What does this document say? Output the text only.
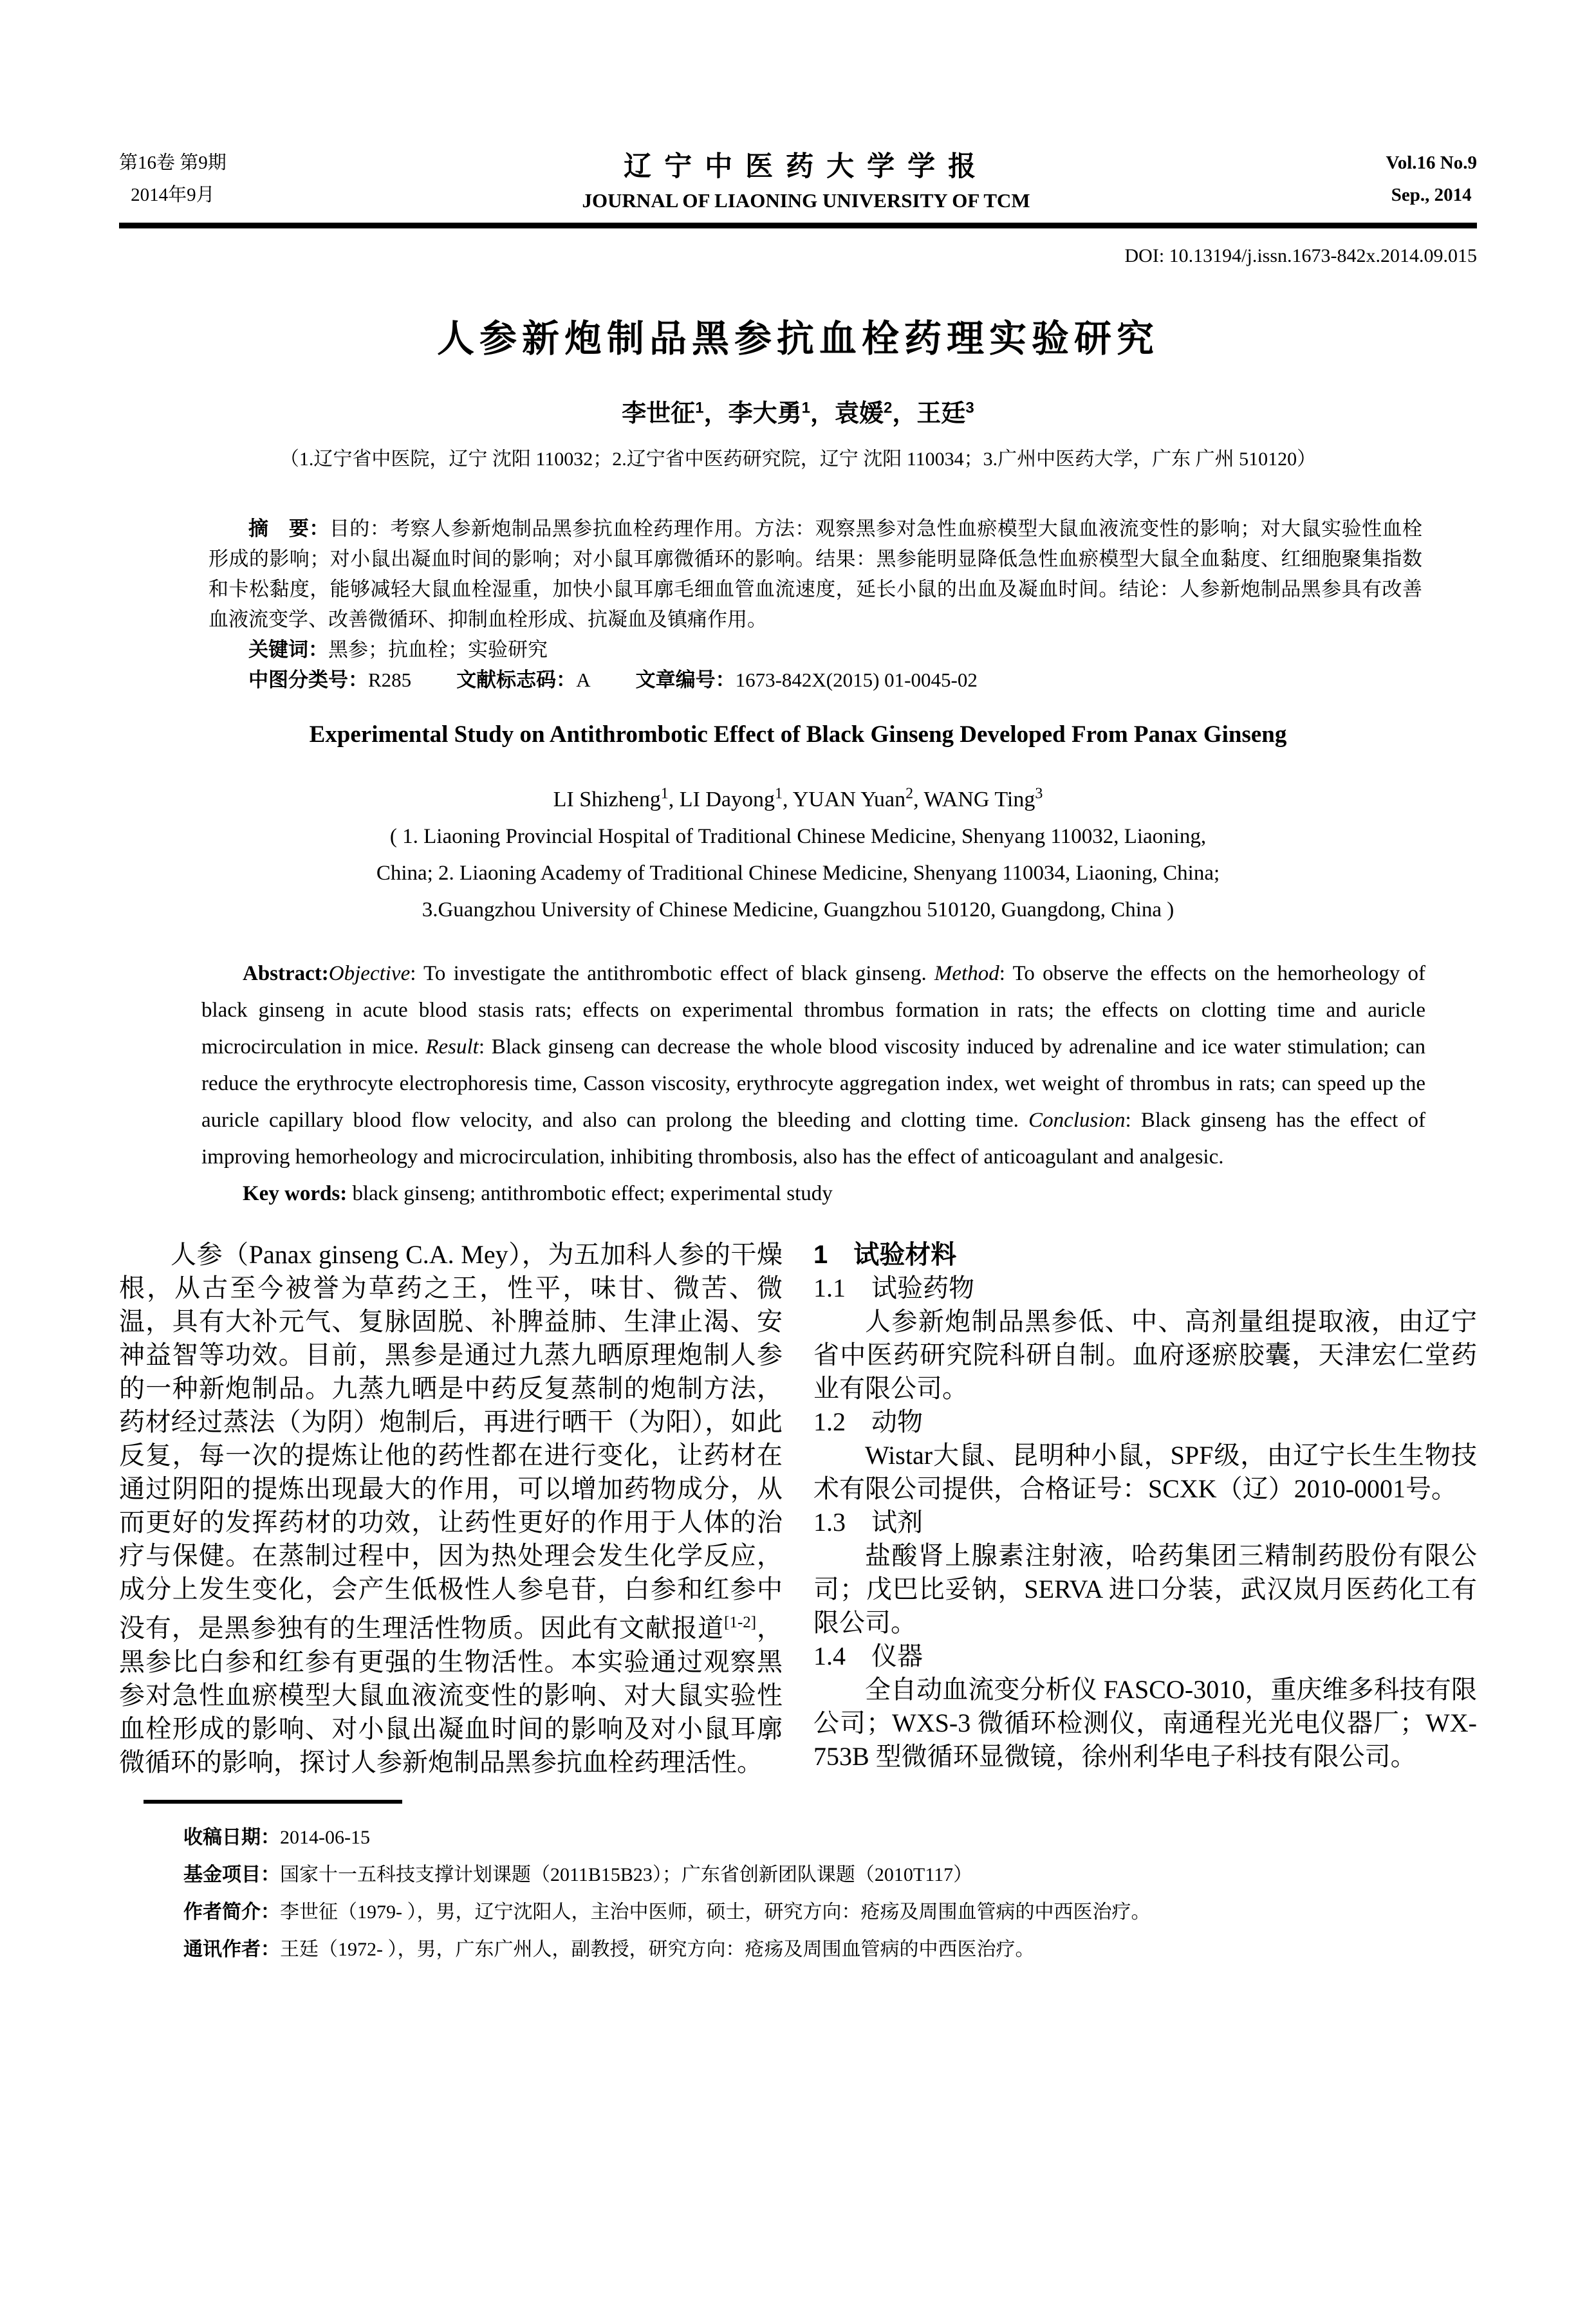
第16卷 第9期
2014年9月
辽宁中医药大学学报
JOURNAL OF LIAONING UNIVERSITY OF TCM
Vol.16 No.9
Sep., 2014
DOI: 10.13194/j.issn.1673-842x.2014.09.015
人参新炮制品黑参抗血栓药理实验研究
李世征$^1$，李大勇$^1$，袁媛$^2$，王廷$^3$
（1.辽宁省中医院，辽宁 沈阳 110032；2.辽宁省中医药研究院，辽宁 沈阳 110034；3.广州中医药大学，广东 广州 510120）

摘　要：目的：考察人参新炮制品黑参抗血栓药理作用。方法：观察黑参对急性血瘀模型大鼠血液流变性的影响；对大鼠实验性血栓形成的影响；对小鼠出凝血时间的影响；对小鼠耳廓微循环的影响。结果：黑参能明显降低急性血瘀模型大鼠全血黏度、红细胞聚集指数和卡松黏度，能够减轻大鼠血栓湿重，加快小鼠耳廓毛细血管血流速度，延长小鼠的出血及凝血时间。结论：人参新炮制品黑参具有改善血液流变学、改善微循环、抑制血栓形成、抗凝血及镇痛作用。

关键词：黑参；抗血栓；实验研究

中图分类号：R285 文献标志码：A 文章编号：1673-842X(2015) 01-0045-02

Experimental Study on Antithrombotic Effect of Black Ginseng Developed From Panax Ginseng
LI Shizheng$^1$, LI Dayong$^1$, YUAN Yuan$^2$, WANG Ting$^3$
( 1. Liaoning Provincial Hospital of Traditional Chinese Medicine, Shenyang 110032, Liaoning,
China; 2. Liaoning Academy of Traditional Chinese Medicine, Shenyang 110034, Liaoning, China;
3.Guangzhou University of Chinese Medicine, Guangzhou 510120, Guangdong, China )

Abstract:Objective: To investigate the antithrombotic effect of black ginseng. Method: To observe the effects on the hemorheology of black ginseng in acute blood stasis rats; effects on experimental thrombus formation in rats; the effects on clotting time and auricle microcirculation in mice. Result: Black ginseng can decrease the whole blood viscosity induced by adrenaline and ice water stimulation; can reduce the erythrocyte electrophoresis time, Casson viscosity, erythrocyte aggregation index, wet weight of thrombus in rats; can speed up the auricle capillary blood flow velocity, and also can prolong the bleeding and clotting time. Conclusion: Black ginseng has the effect of improving hemorheology and microcirculation, inhibiting thrombosis, also has the effect of anticoagulant and analgesic.

Key words: black ginseng; antithrombotic effect; experimental study

人参（Panax ginseng C.A. Mey），为五加科人参的干燥根，从古至今被誉为草药之王，性平，味甘、微苦、微温，具有大补元气、复脉固脱、补脾益肺、生津止渴、安神益智等功效。目前，黑参是通过九蒸九晒原理炮制人参的一种新炮制品。九蒸九晒是中药反复蒸制的炮制方法，药材经过蒸法（为阴）炮制后，再进行晒干（为阳），如此反复，每一次的提炼让他的药性都在进行变化，让药材在通过阴阳的提炼出现最大的作用，可以增加药物成分，从而更好的发挥药材的功效，让药性更好的作用于人体的治疗与保健。在蒸制过程中，因为热处理会发生化学反应，成分上发生变化，会产生低极性人参皂苷，白参和红参中没有，是黑参独有的生理活性物质。因此有文献报道[1-2]，黑参比白参和红参有更强的生物活性。本实验通过观察黑参对急性血瘀模型大鼠血液流变性的影响、对大鼠实验性血栓形成的影响、对小鼠出凝血时间的影响及对小鼠耳廓微循环的影响，探讨人参新炮制品黑参抗血栓药理活性。

1 试验材料
1.1 试验药物

人参新炮制品黑参低、中、高剂量组提取液，由辽宁省中医药研究院科研自制。血府逐瘀胶囊，天津宏仁堂药业有限公司。

1.2 动物

Wistar大鼠、昆明种小鼠，SPF级，由辽宁长生生物技术有限公司提供，合格证号：SCXK（辽）2010-0001号。

1.3 试剂

盐酸肾上腺素注射液，哈药集团三精制药股份有限公司；戊巴比妥钠，SERVA 进口分装，武汉岚月医药化工有限公司。

1.4 仪器

全自动血流变分析仪 FASCO-3010，重庆维多科技有限公司；WXS-3 微循环检测仪，南通程光光电仪器厂；WX-753B 型微循环显微镜，徐州利华电子科技有限公司。

收稿日期：2014-06-15
基金项目：国家十一五科技支撑计划课题（2011B15B23）；广东省创新团队课题（2010T117）
作者简介：李世征（1979- ），男，辽宁沈阳人，主治中医师，硕士，研究方向：疮疡及周围血管病的中西医治疗。
通讯作者：王廷（1972- ），男，广东广州人，副教授，研究方向：疮疡及周围血管病的中西医治疗。
